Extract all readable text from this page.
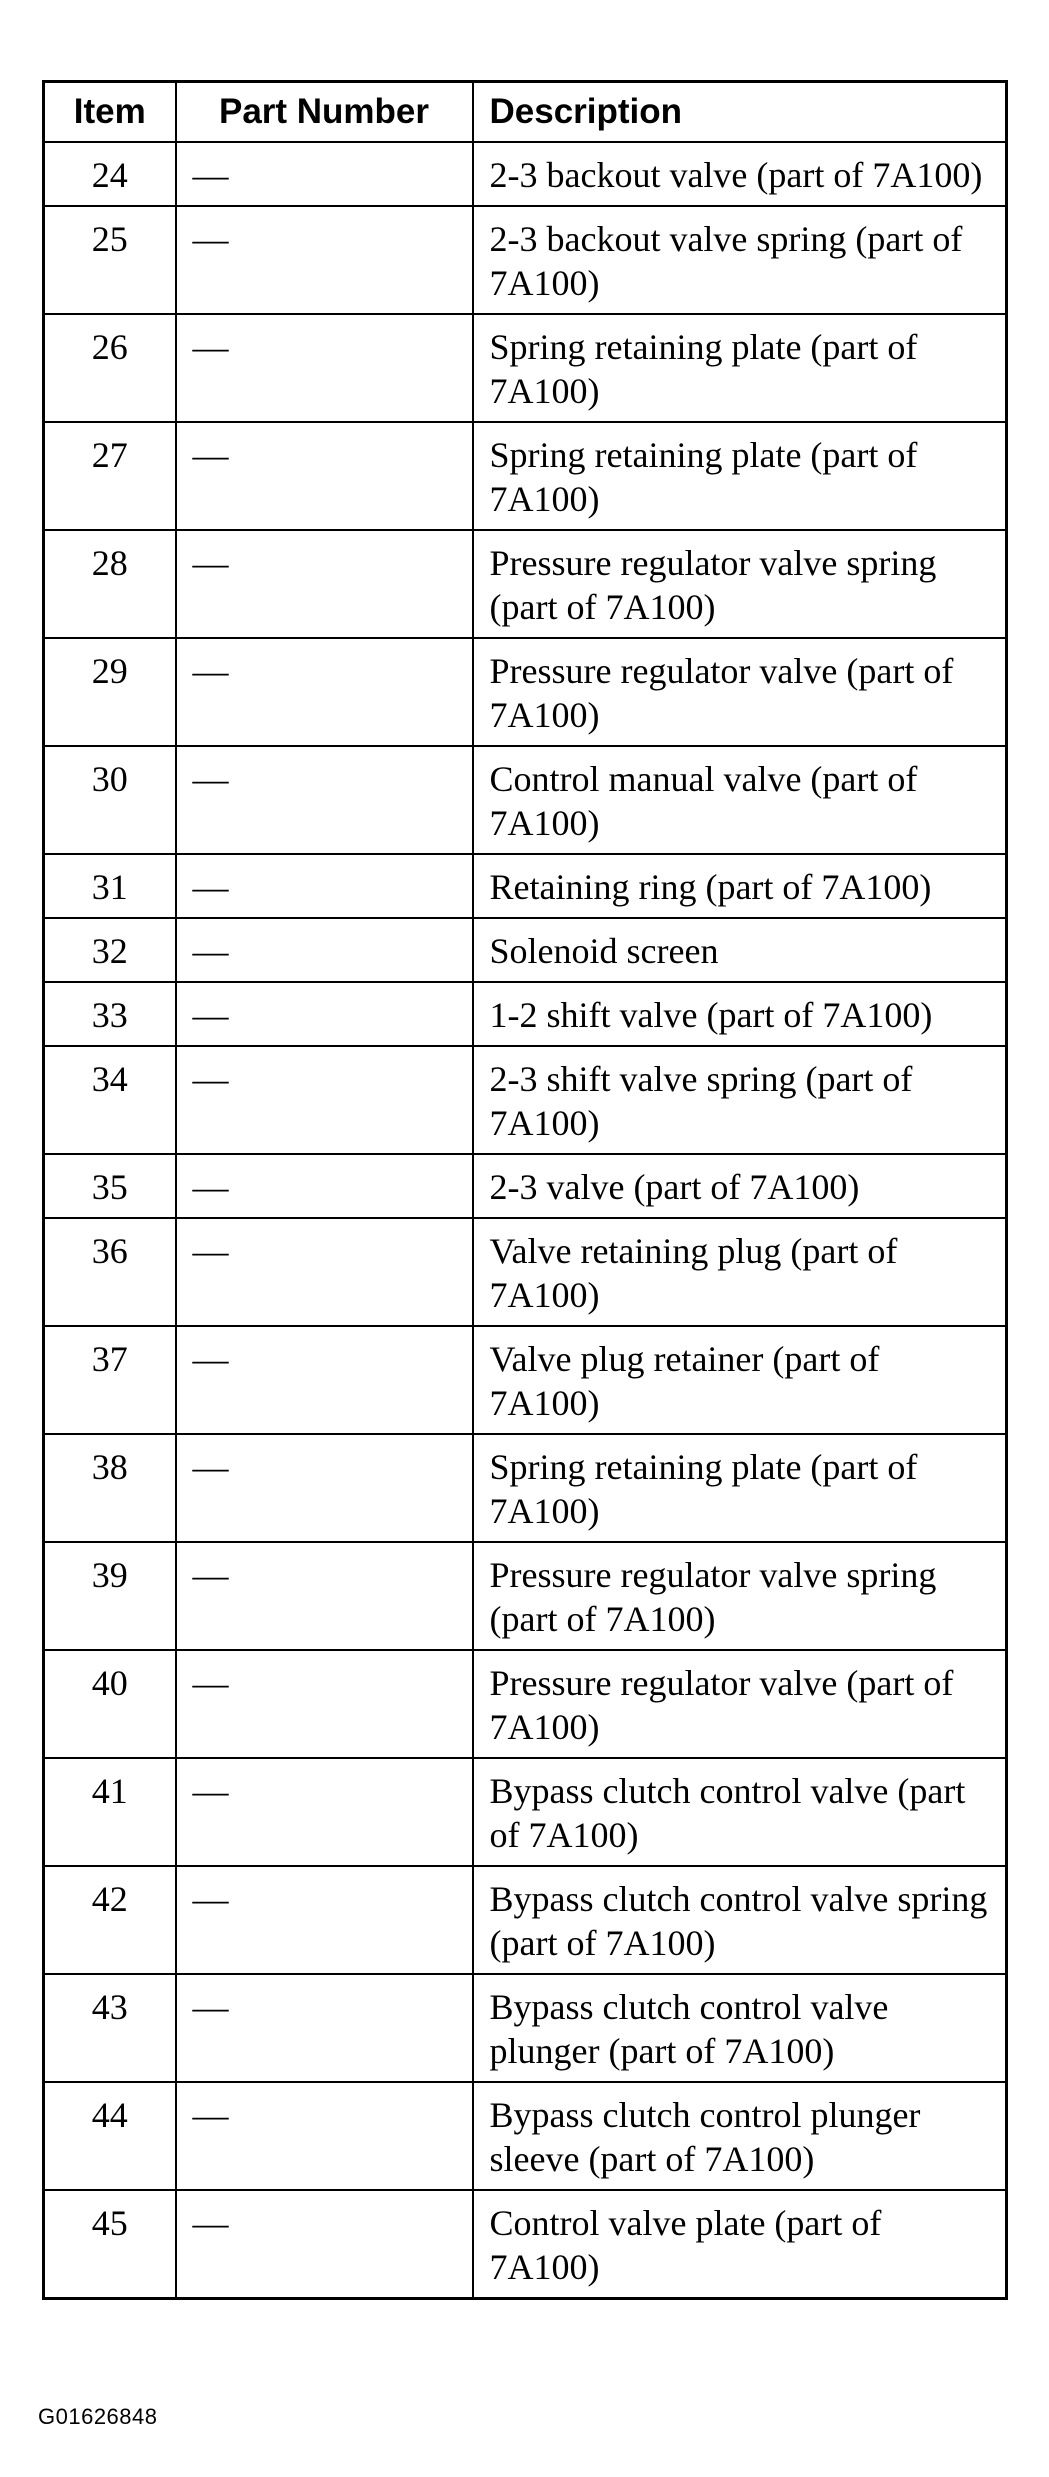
Item	Part Number	Description
24	—	2-3 backout valve (part of 7A100)
25	—	2-3 backout valve spring (part of 7A100)
26	—	Spring retaining plate (part of 7A100)
27	—	Spring retaining plate (part of 7A100)
28	—	Pressure regulator valve spring (part of 7A100)
29	—	Pressure regulator valve (part of 7A100)
30	—	Control manual valve (part of 7A100)
31	—	Retaining ring (part of 7A100)
32	—	Solenoid screen
33	—	1-2 shift valve (part of 7A100)
34	—	2-3 shift valve spring (part of 7A100)
35	—	2-3 valve (part of 7A100)
36	—	Valve retaining plug (part of 7A100)
37	—	Valve plug retainer (part of 7A100)
38	—	Spring retaining plate (part of 7A100)
39	—	Pressure regulator valve spring (part of 7A100)
40	—	Pressure regulator valve (part of 7A100)
41	—	Bypass clutch control valve (part of 7A100)
42	—	Bypass clutch control valve spring (part of 7A100)
43	—	Bypass clutch control valve plunger (part of 7A100)
44	—	Bypass clutch control plunger sleeve (part of 7A100)
45	—	Control valve plate (part of 7A100)
G01626848
